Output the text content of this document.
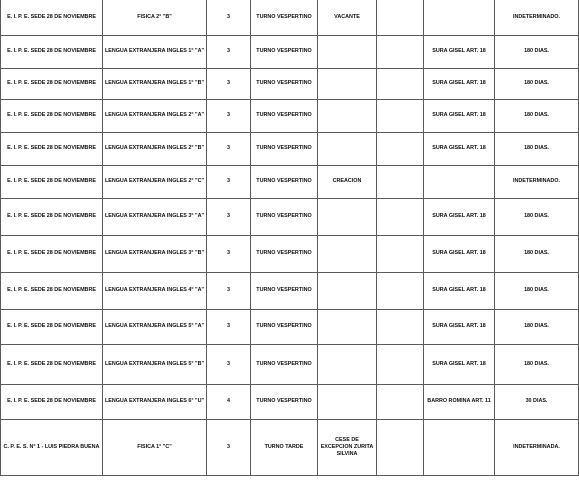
E. I. P. E. SEDE 28 DE NOVIEMBRE	FISICA 2° "B"	3	TURNO VESPERTINO	VACANTE			INDETERMINADO.
E. I. P. E. SEDE 28 DE NOVIEMBRE	LENGUA EXTRANJERA INGLES 1° "A"	3	TURNO VESPERTINO			SURA GISEL ART. 18	180 DIAS.
E. I. P. E. SEDE 28 DE NOVIEMBRE	LENGUA EXTRANJERA INGLES 1° "B"	3	TURNO VESPERTINO			SURA GISEL ART. 18	180 DIAS.
E. I. P. E. SEDE 28 DE NOVIEMBRE	LENGUA EXTRANJERA INGLES 2° "A"	3	TURNO VESPERTINO			SURA GISEL ART. 18	180 DIAS.
E. I. P. E. SEDE 28 DE NOVIEMBRE	LENGUA EXTRANJERA INGLES 2° "B"	3	TURNO VESPERTINO			SURA GISEL ART. 18	180 DIAS.
E. I. P. E. SEDE 28 DE NOVIEMBRE	LENGUA EXTRANJERA INGLES 2° "C"	3	TURNO VESPERTINO	CREACION			INDETERMINADO.
E. I. P. E. SEDE 28 DE NOVIEMBRE	LENGUA EXTRANJERA INGLES 3° "A"	3	TURNO VESPERTINO			SURA GISEL ART. 18	180 DIAS.
E. I. P. E. SEDE 28 DE NOVIEMBRE	LENGUA EXTRANJERA INGLES 3° "B"	3	TURNO VESPERTINO			SURA GISEL ART. 18	180 DIAS.
E. I. P. E. SEDE 28 DE NOVIEMBRE	LENGUA EXTRANJERA INGLES 4° "A"	3	TURNO VESPERTINO			SURA GISEL ART. 18	180 DIAS.
E. I. P. E. SEDE 28 DE NOVIEMBRE	LENGUA EXTRANJERA INGLES 5° "A"	3	TURNO VESPERTINO			SURA GISEL ART. 18	180 DIAS.
E. I. P. E. SEDE 28 DE NOVIEMBRE	LENGUA EXTRANJERA INGLES 5° "B"	3	TURNO VESPERTINO			SURA GISEL ART. 18	180 DIAS.
E. I. P. E. SEDE 28 DE NOVIEMBRE	LENGUA EXTRANJERA INGLES 6° "U"	4	TURNO VESPERTINO			BARRO ROMINA ART. 11	30 DIAS.
C. P. E. S. N° 1 - LUIS PIEDRA BUENA	FISICA 1° "C"	3	TURNO TARDE	CESE DE EXCEPCION ZURITA SILVINA			INDETERMINADA.
